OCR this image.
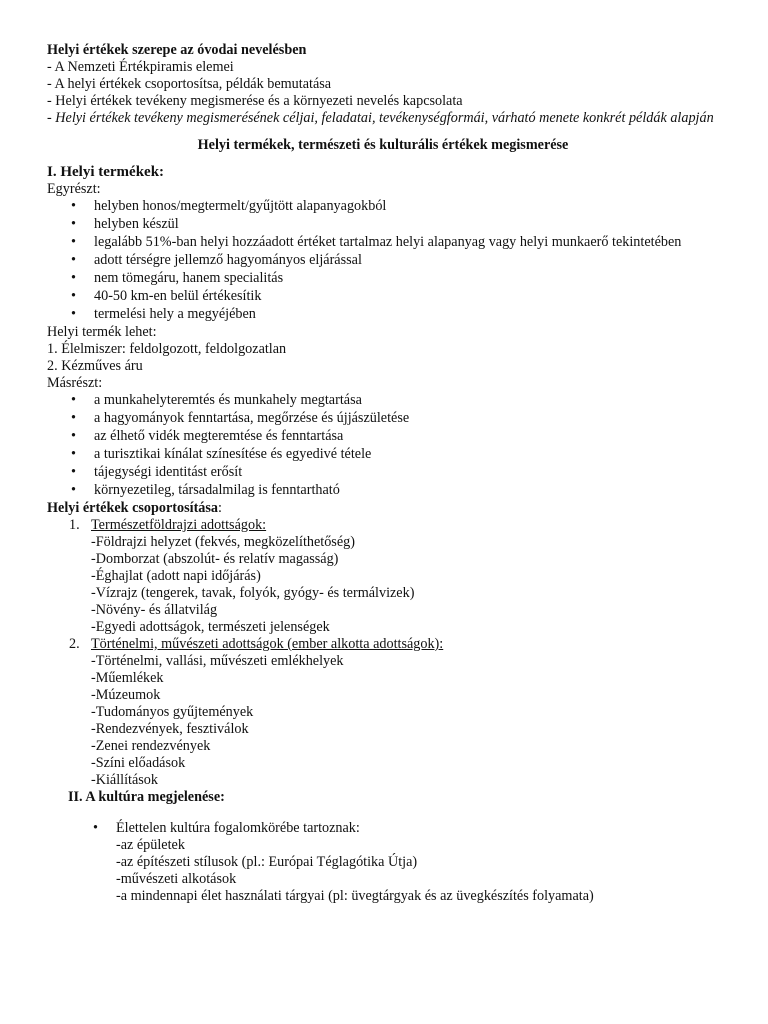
Helyi értékek szerepe az óvodai nevelésben

- A Nemzeti Értékpiramis elemei

- A helyi értékek csoportosítsa, példák bemutatása

- Helyi értékek tevékeny megismerése és a környezeti nevelés kapcsolata

- Helyi értékek tevékeny megismerésének céljai, feladatai, tevékenységformái, várható menete konkrét példák alapján

Helyi termékek, természeti és kulturális értékek megismerése

I. Helyi termékek:

Egyrészt:

• helyben honos/megtermelt/gyűjtött alapanyagokból
• helyben készül
• legalább 51%-ban helyi hozzáadott értéket tartalmaz helyi alapanyag vagy helyi munkaerő tekintetében
• adott térségre jellemző hagyományos eljárással
• nem tömegáru, hanem specialitás
• 40-50 km-en belül értékesítik
• termelési hely a megyéjében

Helyi termék lehet:

1. Élelmiszer: feldolgozott, feldolgozatlan

2. Kézműves áru

Másrészt:

• a munkahelyteremtés és munkahely megtartása
• a hagyományok fenntartása, megőrzése és újjászületése
• az élhető vidék megteremtése és fenntartása
• a turisztikai kínálat színesítése és egyedivé tétele
• tájegységi identitást erősít
• környezetileg, társadalmilag is fenntartható

Helyi értékek csoportosítása:

1. Természetföldrajzi adottságok:

-Földrajzi helyzet (fekvés, megközelíthetőség)

-Domborzat (abszolút- és relatív magasság)

-Éghajlat (adott napi időjárás)

-Vízrajz (tengerek, tavak, folyók, gyógy- és termálvizek)

-Növény- és állatvilág

-Egyedi adottságok, természeti jelenségek

2. Történelmi, művészeti adottságok (ember alkotta adottságok):

-Történelmi, vallási, művészeti emlékhelyek

-Műemlékek

-Múzeumok

-Tudományos gyűjtemények

-Rendezvények, fesztiválok

-Zenei rendezvények

-Színi előadások

-Kiállítások

II. A kultúra megjelenése:

• Élettelen kultúra fogalomkörébe tartoznak:

-az épületek

-az építészeti stílusok (pl.: Európai Téglagótika Útja)

-művészeti alkotások

-a mindennapi élet használati tárgyai (pl: üvegtárgyak és az üvegkészítés folyamata)
